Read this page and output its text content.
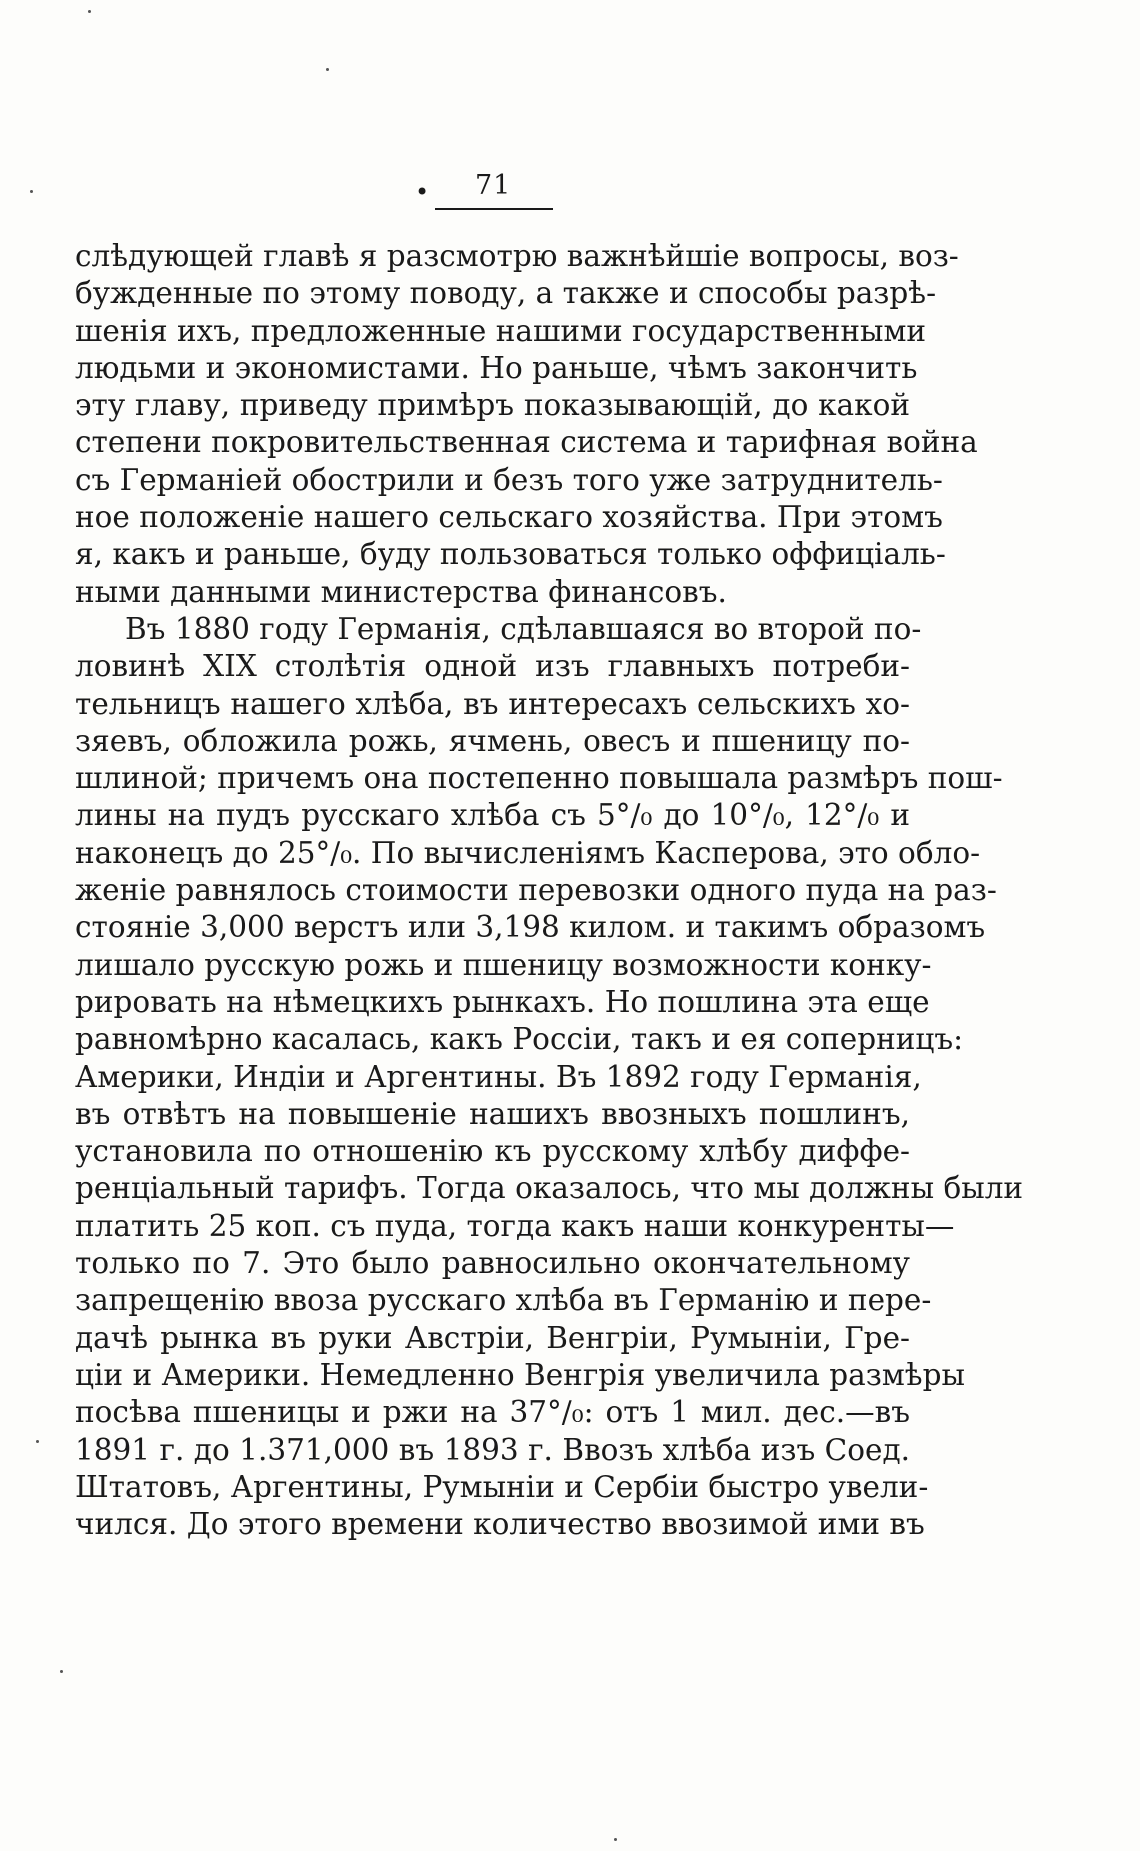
• 71
слѣдующей главѣ я разсмотрю важнѣйшіе вопросы, воз-
бужденные по этому поводу, а также и способы разрѣ-
шенія ихъ, предложенные нашими государственными
людьми и экономистами. Но раньше, чѣмъ закончить
эту главу, приведу примѣръ показывающій, до какой
степени покровительственная система и тарифная война
съ Германіей обострили и безъ того уже затруднитель-
ное положеніе нашего сельскаго хозяйства. При этомъ
я, какъ и раньше, буду пользоваться только оффиціаль-
ными данными министерства финансовъ.
Въ 1880 году Германія, сдѣлавшаяся во второй по-
ловинѣ XIX столѣтія одной изъ главныхъ потреби-
тельницъ нашего хлѣба, въ интересахъ сельскихъ хо-
зяевъ, обложила рожь, ячмень, овесъ и пшеницу по-
шлиной; причемъ она постепенно повышала размѣръ пош-
лины на пудъ русскаго хлѣба съ 5°/₀ до 10°/₀, 12°/₀ и
наконецъ до 25°/₀. По вычисленіямъ Касперова, это обло-
женіе равнялось стоимости перевозки одного пуда на раз-
стояніе 3,000 верстъ или 3,198 килом. и такимъ образомъ
лишало русскую рожь и пшеницу возможности конку-
рировать на нѣмецкихъ рынкахъ. Но пошлина эта еще
равномѣрно касалась, какъ Россіи, такъ и ея соперницъ:
Америки, Индіи и Аргентины. Въ 1892 году Германія,
въ отвѣтъ на повышеніе нашихъ ввозныхъ пошлинъ,
установила по отношенію къ русскому хлѣбу диффе-
ренціальный тарифъ. Тогда оказалось, что мы должны были
платить 25 коп. съ пуда, тогда какъ наши конкуренты—
только по 7. Это было равносильно окончательному
запрещенію ввоза русскаго хлѣба въ Германію и пере-
дачѣ рынка въ руки Австріи, Венгріи, Румыніи, Гре-
ціи и Америки. Немедленно Венгрія увеличила размѣры
посѣва пшеницы и ржи на 37°/₀: отъ 1 мил. дес.—въ
1891 г. до 1.371,000 въ 1893 г. Ввозъ хлѣба изъ Соед.
Штатовъ, Аргентины, Румыніи и Сербіи быстро увели-
чился. До этого времени количество ввозимой ими въ
